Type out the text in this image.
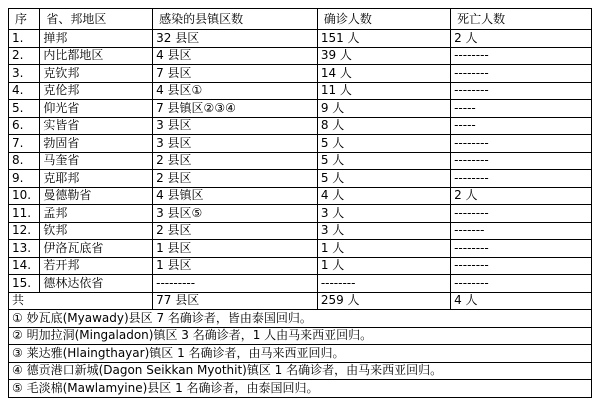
序	省、邦地区	感染的县镇区数	确诊人数	死亡人数
1.	掸邦	32 县区	151 人	2 人
2.	内比都地区	4 县区	39 人	--------
3.	克钦邦	7 县区	14 人	--------
4.	克伦邦	4 县区①	11 人	--------
5.	仰光省	7 县镇区②③④	9 人	-----
6.	实皆省	3 县区	8 人	-----
7.	勃固省	3 县区	5 人	--------
8.	马奎省	2 县区	5 人	--------
9.	克耶邦	2 县区	5 人	--------
10.	曼德勒省	4 县镇区	4 人	2 人
11.	孟邦	3 县区⑤	3 人	--------
12.	钦邦	2 县区	3 人	-------
13.	伊洛瓦底省	1 县区	1 人	--------
14.	若开邦	1 县区	1 人	--------
15.	德林达依省	---------	--------	--------
共		77 县区	259 人	4 人
① 妙瓦底(Myawady)县区 7 名确诊者，皆由泰国回归。				
② 明加拉洞(Mingaladon)镇区 3 名确诊者，1 人由马来西亚回归。				
③ 莱达雅(Hlaingthayar)镇区 1 名确诊者，由马来西亚回归。				
④ 德贡港口新城(Dagon Seikkan Myothit)镇区 1 名确诊者，由马来西亚回归。				
⑤ 毛淡棉(Mawlamyine)县区 1 名确诊者，由泰国回归。				
